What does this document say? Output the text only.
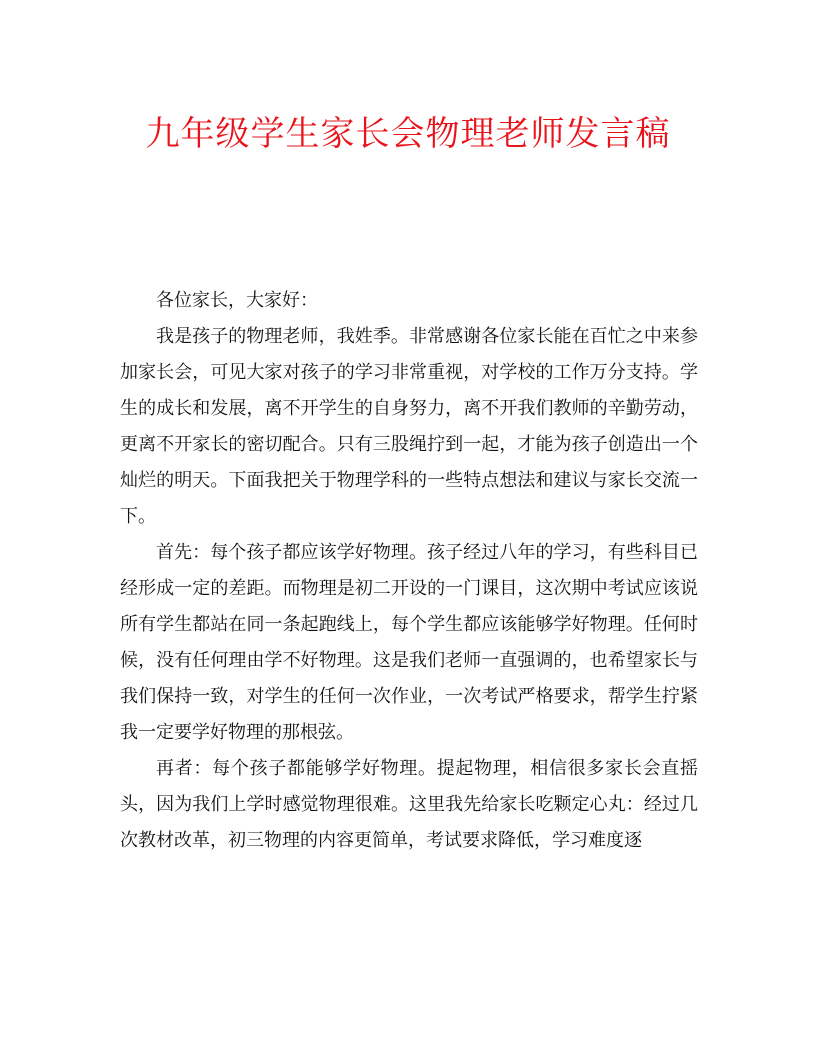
九年级学生家长会物理老师发言稿

各位家长，大家好：

我是孩子的物理老师，我姓季。非常感谢各位家长能在百忙之中来参加家长会，可见大家对孩子的学习非常重视，对学校的工作万分支持。学生的成长和发展，离不开学生的自身努力，离不开我们教师的辛勤劳动，更离不开家长的密切配合。只有三股绳拧到一起，才能为孩子创造出一个灿烂的明天。下面我把关于物理学科的一些特点想法和建议与家长交流一下。

首先：每个孩子都应该学好物理。孩子经过八年的学习，有些科目已经形成一定的差距。而物理是初二开设的一门课目，这次期中考试应该说所有学生都站在同一条起跑线上，每个学生都应该能够学好物理。任何时候，没有任何理由学不好物理。这是我们老师一直强调的，也希望家长与我们保持一致，对学生的任何一次作业，一次考试严格要求，帮学生拧紧我一定要学好物理的那根弦。

再者：每个孩子都能够学好物理。提起物理，相信很多家长会直摇头，因为我们上学时感觉物理很难。这里我先给家长吃颗定心丸：经过几次教材改革，初三物理的内容更简单，考试要求降低，学习难度逐
